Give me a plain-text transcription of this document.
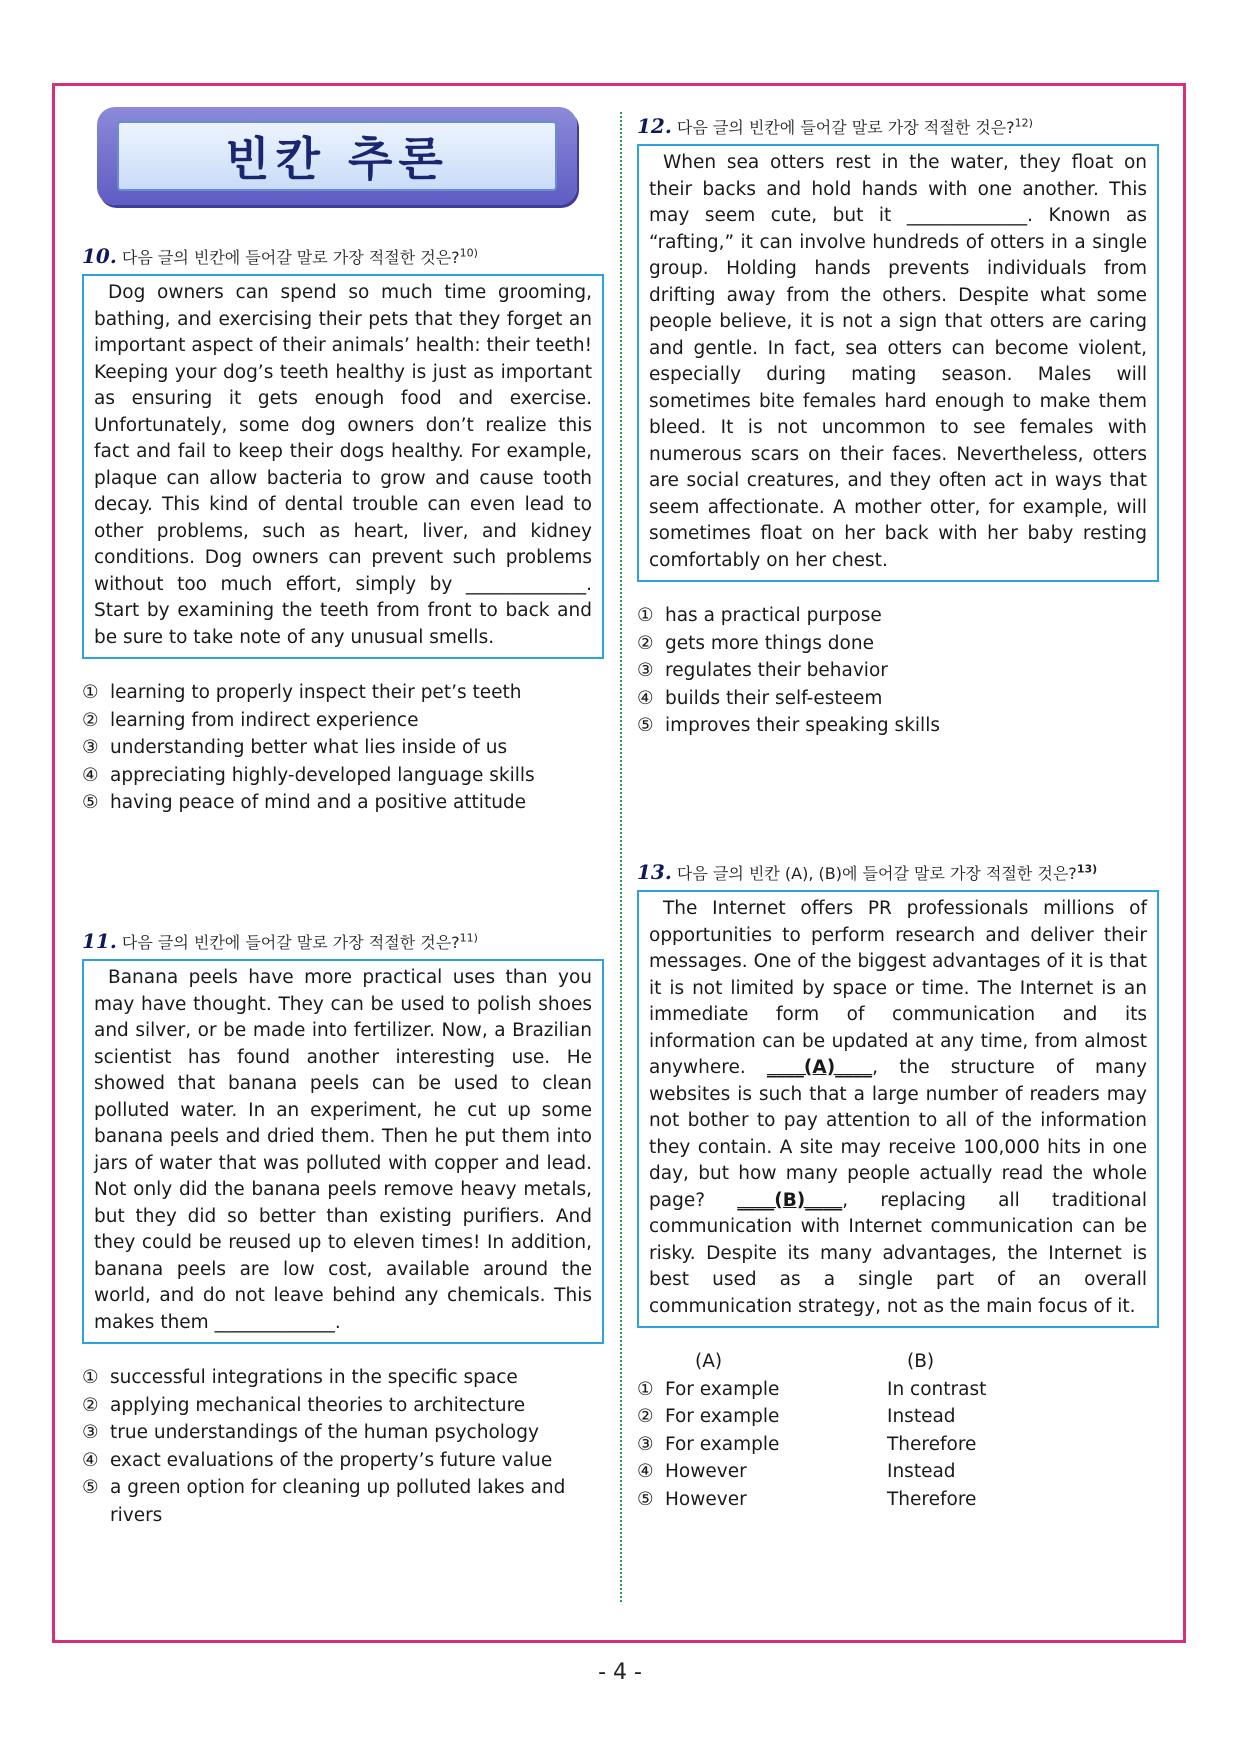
빈칸 추론
10. 다음 글의 빈칸에 들어갈 말로 가장 적절한 것은?$^{10)}$

Dog owners can spend so much time grooming, bathing, and exercising their pets that they forget an important aspect of their animals’ health: their teeth! Keeping your dog’s teeth healthy is just as important as ensuring it gets enough food and exercise. Unfortunately, some dog owners don’t realize this fact and fail to keep their dogs healthy. For example, plaque can allow bacteria to grow and cause tooth decay. This kind of dental trouble can even lead to other problems, such as heart, liver, and kidney conditions. Dog owners can prevent such problems without too much effort, simply by _____________. Start by examining the teeth from front to back and be sure to take note of any unusual smells.

① learning to properly inspect their pet’s teeth
② learning from indirect experience
③ understanding better what lies inside of us
④ appreciating highly-developed language skills
⑤ having peace of mind and a positive attitude
11. 다음 글의 빈칸에 들어갈 말로 가장 적절한 것은?$^{11)}$

Banana peels have more practical uses than you may have thought. They can be used to polish shoes and silver, or be made into fertilizer. Now, a Brazilian scientist has found another interesting use. He showed that banana peels can be used to clean polluted water. In an experiment, he cut up some banana peels and dried them. Then he put them into jars of water that was polluted with copper and lead. Not only did the banana peels remove heavy metals, but they did so better than existing purifiers. And they could be reused up to eleven times! In addition, banana peels are low cost, available around the world, and do not leave behind any chemicals. This makes them _____________.

① successful integrations in the specific space
② applying mechanical theories to architecture
③ true understandings of the human psychology
④ exact evaluations of the property’s future value
⑤ a green option for cleaning up polluted lakes and rivers
12. 다음 글의 빈칸에 들어갈 말로 가장 적절한 것은?$^{12)}$

When sea otters rest in the water, they float on their backs and hold hands with one another. This may seem cute, but it _____________. Known as “rafting,” it can involve hundreds of otters in a single group. Holding hands prevents individuals from drifting away from the others. Despite what some people believe, it is not a sign that otters are caring and gentle. In fact, sea otters can become violent, especially during mating season. Males will sometimes bite females hard enough to make them bleed. It is not uncommon to see females with numerous scars on their faces. Nevertheless, otters are social creatures, and they often act in ways that seem affectionate. A mother otter, for example, will sometimes float on her back with her baby resting comfortably on her chest.

① has a practical purpose
② gets more things done
③ regulates their behavior
④ builds their self-esteem
⑤ improves their speaking skills
13. 다음 글의 빈칸 (A), (B)에 들어갈 말로 가장 적절한 것은?$^{13)}$

The Internet offers PR professionals millions of opportunities to perform research and deliver their messages. One of the biggest advantages of it is that it is not limited by space or time. The Internet is an immediate form of communication and its information can be updated at any time, from almost anywhere. ____(A)____, the structure of many websites is such that a large number of readers may not bother to pay attention to all of the information they contain. A site may receive 100,000 hits in one day, but how many people actually read the whole page? ____(B)____, replacing all traditional communication with Internet communication can be risky. Despite its many advantages, the Internet is best used as a single part of an overall communication strategy, not as the main focus of it.

(A)	(B)
① For example	In contrast
② For example	Instead
③ For example	Therefore
④ However	Instead
⑤ However	Therefore
- 4 -
